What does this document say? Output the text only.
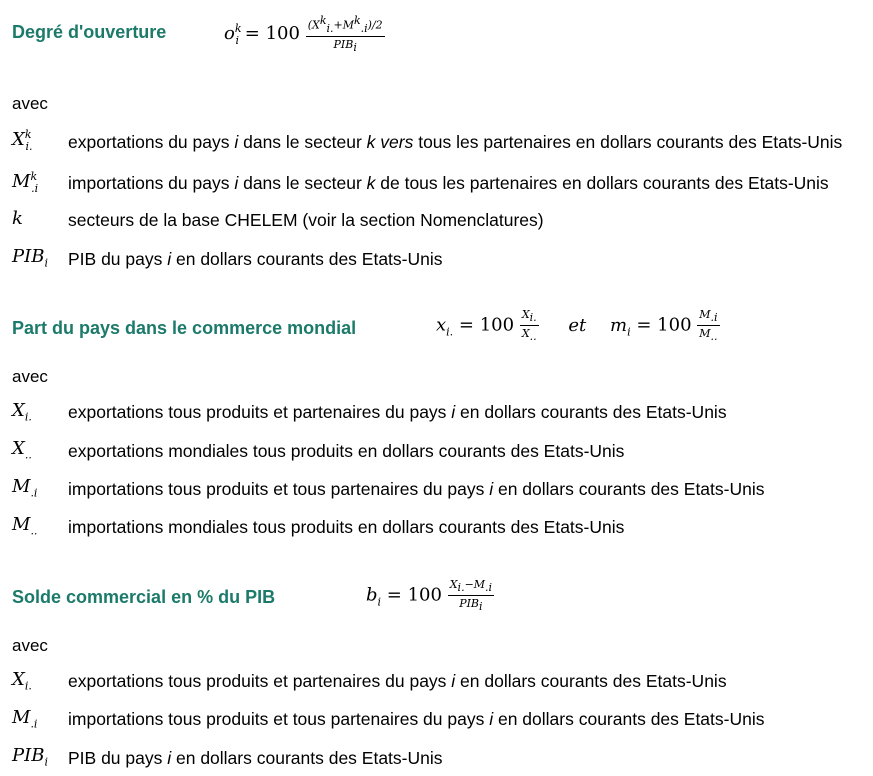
Degré d'ouverture	$o^k_i = 100 \frac{(X^k_{i.}+M^k_{.i})/2}{PIB_i}$
avec
$X^k_{i.}$ exportations du pays i dans le secteur k vers tous les partenaires en dollars courants des Etats-Unis
$M^k_{.i}$ importations du pays i dans le secteur k de tous les partenaires en dollars courants des Etats-Unis
k	secteurs de la base CHELEM (voir la section Nomenclatures)
$PIB_i$ PIB du pays i en dollars courants des Etats-Unis
Part du pays dans le commerce mondial	$x_{i.} = 100 \frac{X_{i.}}{X_{..}}$ et $m_i = 100 \frac{M_{.i}}{M_{..}}$
avec
$X_{i.}$ exportations tous produits et partenaires du pays i en dollars courants des Etats-Unis
$X_{..}$ exportations mondiales tous produits en dollars courants des Etats-Unis
$M_{.i}$ importations tous produits et tous partenaires du pays i en dollars courants des Etats-Unis
$M_{..}$ importations mondiales tous produits en dollars courants des Etats-Unis
Solde commercial en % du PIB	$b_i = 100 \frac{X_{i.}-M_{.i}}{PIB_i}$
avec
$X_{i.}$ exportations tous produits et partenaires du pays i en dollars courants des Etats-Unis
$M_{.i}$ importations tous produits et tous partenaires du pays i en dollars courants des Etats-Unis
$PIB_i$ PIB du pays i en dollars courants des Etats-Unis
